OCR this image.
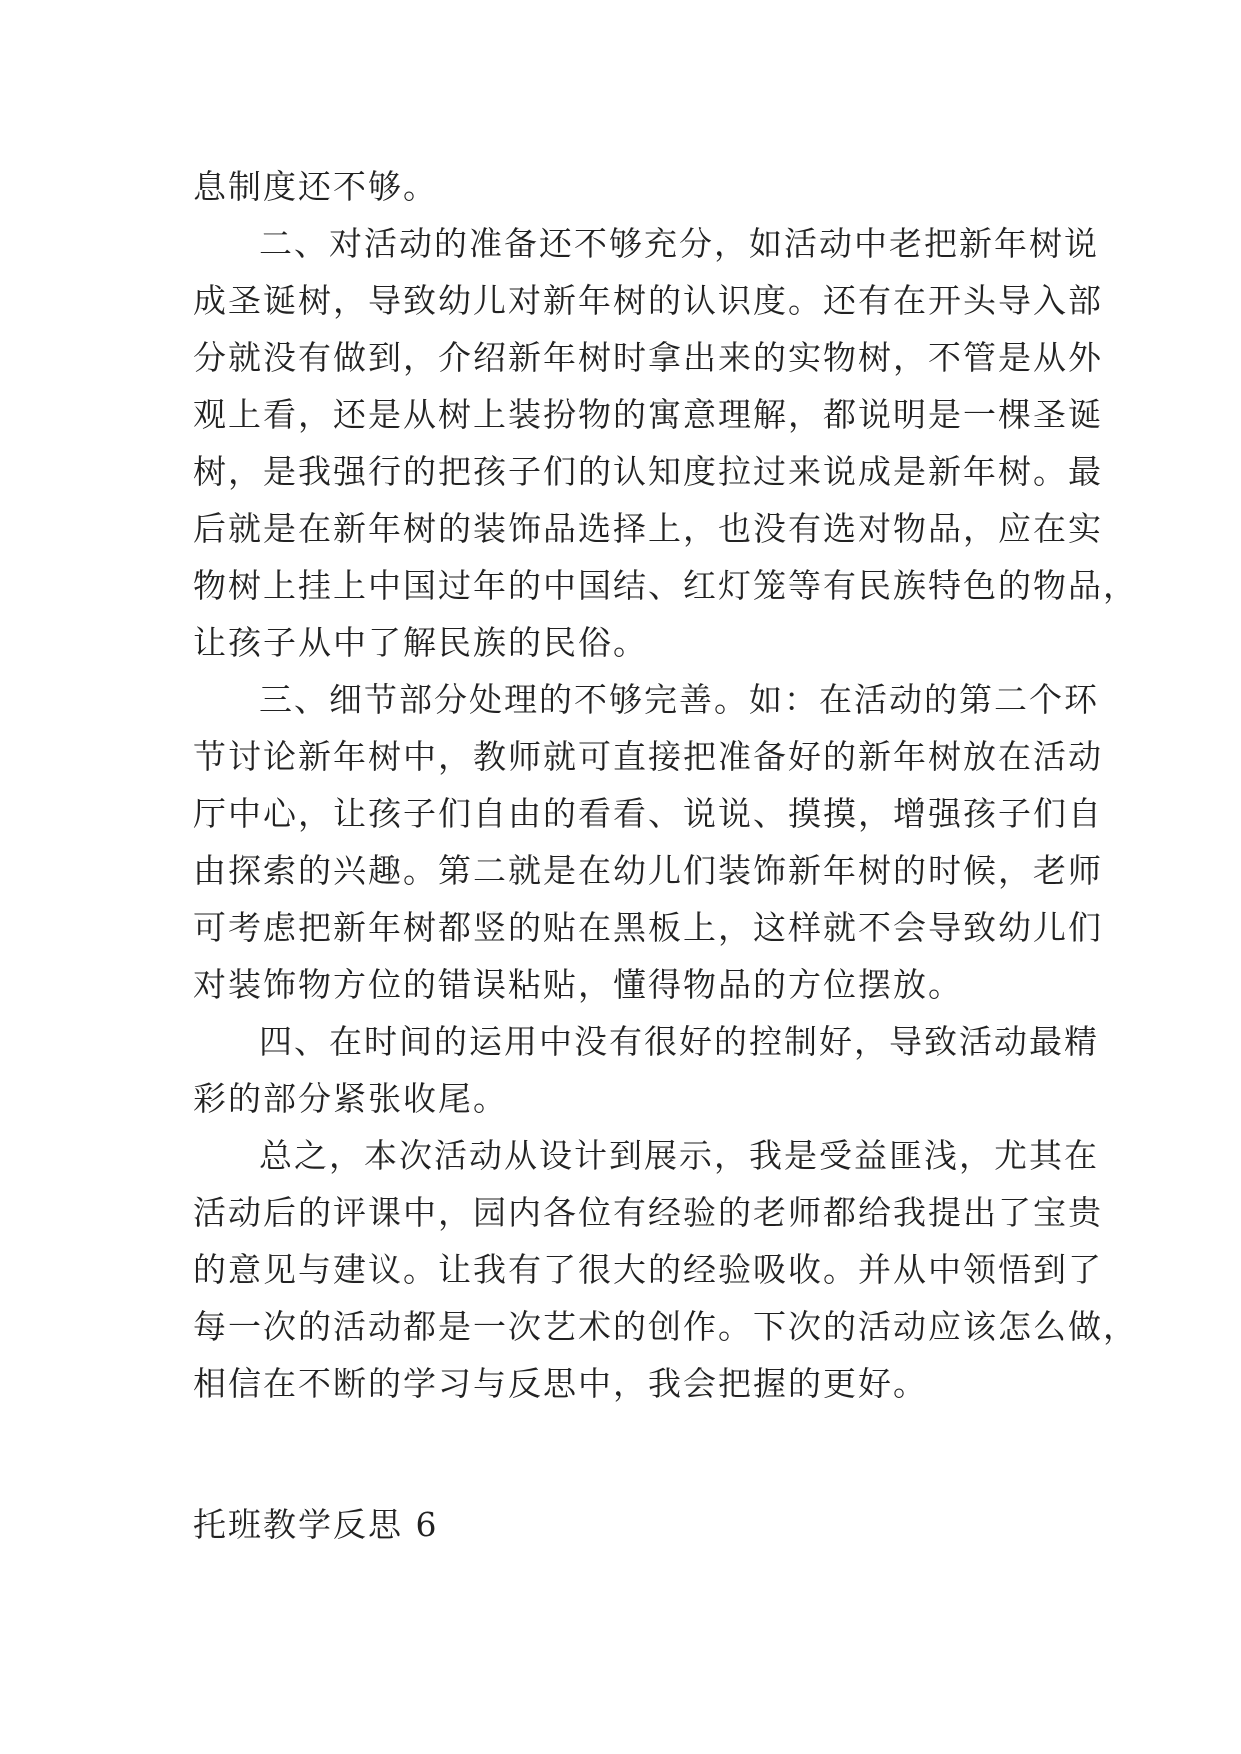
息制度还不够。
二、对活动的准备还不够充分，如活动中老把新年树说
成圣诞树，导致幼儿对新年树的认识度。还有在开头导入部
分就没有做到，介绍新年树时拿出来的实物树，不管是从外
观上看，还是从树上装扮物的寓意理解，都说明是一棵圣诞
树，是我强行的把孩子们的认知度拉过来说成是新年树。最
后就是在新年树的装饰品选择上，也没有选对物品，应在实
物树上挂上中国过年的中国结、红灯笼等有民族特色的物品，
让孩子从中了解民族的民俗。
三、细节部分处理的不够完善。如：在活动的第二个环
节讨论新年树中，教师就可直接把准备好的新年树放在活动
厅中心，让孩子们自由的看看、说说、摸摸，增强孩子们自
由探索的兴趣。第二就是在幼儿们装饰新年树的时候，老师
可考虑把新年树都竖的贴在黑板上，这样就不会导致幼儿们
对装饰物方位的错误粘贴，懂得物品的方位摆放。
四、在时间的运用中没有很好的控制好，导致活动最精
彩的部分紧张收尾。
总之，本次活动从设计到展示，我是受益匪浅，尤其在
活动后的评课中，园内各位有经验的老师都给我提出了宝贵
的意见与建议。让我有了很大的经验吸收。并从中领悟到了
每一次的活动都是一次艺术的创作。下次的活动应该怎么做，
相信在不断的学习与反思中，我会把握的更好。
托班教学反思 6
